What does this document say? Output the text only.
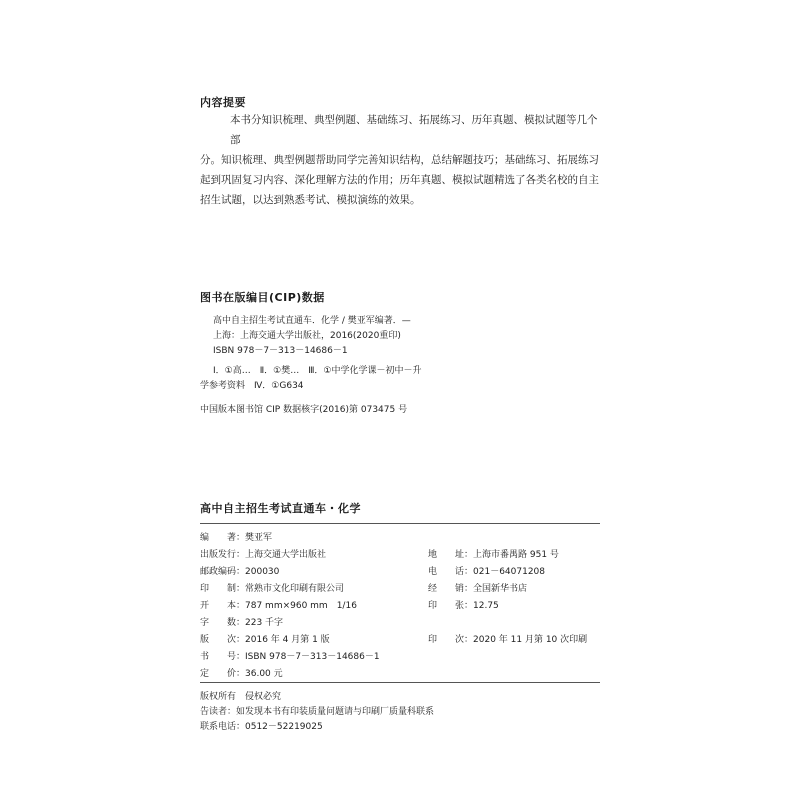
内容提要
本书分知识梳理、典型例题、基础练习、拓展练习、历年真题、模拟试题等几个部
分。知识梳理、典型例题帮助同学完善知识结构，总结解题技巧；基础练习、拓展练习
起到巩固复习内容、深化理解方法的作用；历年真题、模拟试题精选了各类名校的自主
招生试题，以达到熟悉考试、模拟演练的效果。
图书在版编目(CIP)数据
高中自主招生考试直通车．化学 / 樊亚军编著．—
上海：上海交通大学出版社，2016(2020重印)
ISBN 978－7－313－14686－1
Ⅰ．①高…　Ⅱ．①樊…　Ⅲ．①中学化学课－初中－升
学参考资料　Ⅳ．①G634
中国版本图书馆 CIP 数据核字(2016)第 073475 号
高中自主招生考试直通车・化学
编　　著：樊亚军
出版发行：上海交通大学出版社	地　　址：上海市番禺路 951 号
邮政编码：200030	电　　话：021－64071208
印　　制：常熟市文化印刷有限公司	经　　销：全国新华书店
开　　本：787 mm×960 mm　1/16	印　　张：12.75
字　　数：223 千字
版　　次：2016 年 4 月第 1 版	印　　次：2020 年 11 月第 10 次印刷
书　　号：ISBN 978－7－313－14686－1
定　　价：36.00 元
版权所有　侵权必究
告读者：如发现本书有印装质量问题请与印刷厂质量科联系
联系电话：0512－52219025
